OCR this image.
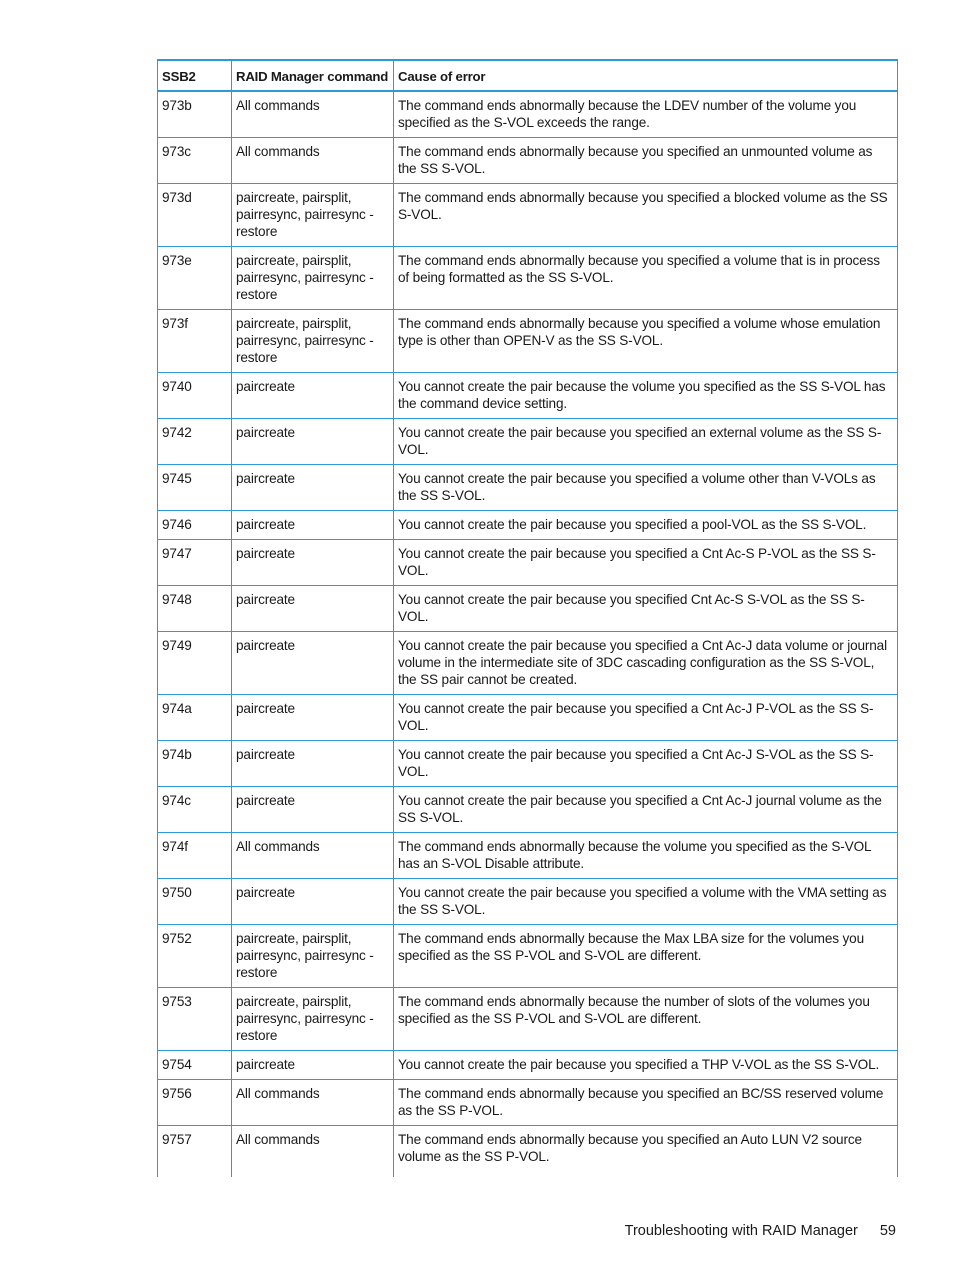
SSB2	RAID Manager command	Cause of error
973b	All commands	The command ends abnormally because the LDEV number of the volume you specified as the S-VOL exceeds the range.
973c	All commands	The command ends abnormally because you specified an unmounted volume as the SS S-VOL.
973d	paircreate, pairsplit, pairresync, pairresync -restore	The command ends abnormally because you specified a blocked volume as the SS S-VOL.
973e	paircreate, pairsplit, pairresync, pairresync -restore	The command ends abnormally because you specified a volume that is in process of being formatted as the SS S-VOL.
973f	paircreate, pairsplit, pairresync, pairresync -restore	The command ends abnormally because you specified a volume whose emulation type is other than OPEN-V as the SS S-VOL.
9740	paircreate	You cannot create the pair because the volume you specified as the SS S-VOL has the command device setting.
9742	paircreate	You cannot create the pair because you specified an external volume as the SS S-VOL.
9745	paircreate	You cannot create the pair because you specified a volume other than V-VOLs as the SS S-VOL.
9746	paircreate	You cannot create the pair because you specified a pool-VOL as the SS S-VOL.
9747	paircreate	You cannot create the pair because you specified a Cnt Ac-S P-VOL as the SS S-VOL.
9748	paircreate	You cannot create the pair because you specified Cnt Ac-S S-VOL as the SS S-VOL.
9749	paircreate	You cannot create the pair because you specified a Cnt Ac-J data volume or journal volume in the intermediate site of 3DC cascading configuration as the SS S-VOL, the SS pair cannot be created.
974a	paircreate	You cannot create the pair because you specified a Cnt Ac-J P-VOL as the SS S-VOL.
974b	paircreate	You cannot create the pair because you specified a Cnt Ac-J S-VOL as the SS S-VOL.
974c	paircreate	You cannot create the pair because you specified a Cnt Ac-J journal volume as the SS S-VOL.
974f	All commands	The command ends abnormally because the volume you specified as the S-VOL has an S-VOL Disable attribute.
9750	paircreate	You cannot create the pair because you specified a volume with the VMA setting as the SS S-VOL.
9752	paircreate, pairsplit, pairresync, pairresync -restore	The command ends abnormally because the Max LBA size for the volumes you specified as the SS P-VOL and S-VOL are different.
9753	paircreate, pairsplit, pairresync, pairresync -restore	The command ends abnormally because the number of slots of the volumes you specified as the SS P-VOL and S-VOL are different.
9754	paircreate	You cannot create the pair because you specified a THP V-VOL as the SS S-VOL.
9756	All commands	The command ends abnormally because you specified an BC/SS reserved volume as the SS P-VOL.
9757	All commands	The command ends abnormally because you specified an Auto LUN V2 source volume as the SS P-VOL.
Troubleshooting with RAID Manager 59
